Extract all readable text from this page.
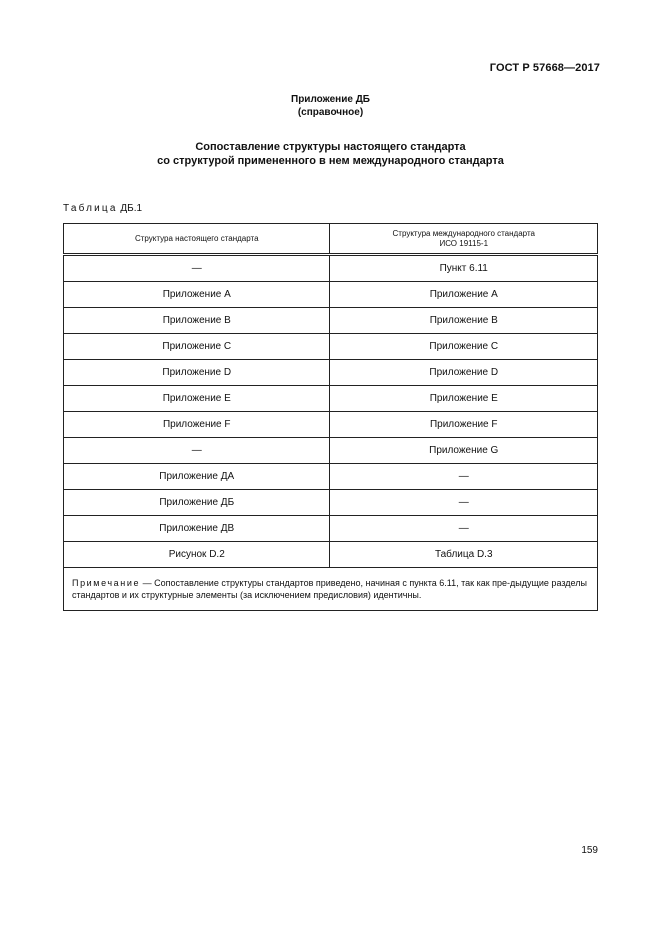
ГОСТ Р 57668—2017
Приложение ДБ
(справочное)
Сопоставление структуры настоящего стандарта
со структурой примененного в нем международного стандарта
Таблица ДБ.1
Структура настоящего стандарта	Структура международного стандарта
ИСО 19115-1

—	Пункт 6.11
Приложение А	Приложение А
Приложение B	Приложение B
Приложение C	Приложение C
Приложение D	Приложение D
Приложение E	Приложение E
Приложение F	Приложение F
—	Приложение G
Приложение ДА	—
Приложение ДБ	—
Приложение ДВ	—
Рисунок D.2	Таблица D.3
Примечание — Сопоставление структуры стандартов приведено, начиная с пункта 6.11, так как пре-дыдущие разделы стандартов и их структурные элементы (за исключением предисловия) идентичны.	
159
